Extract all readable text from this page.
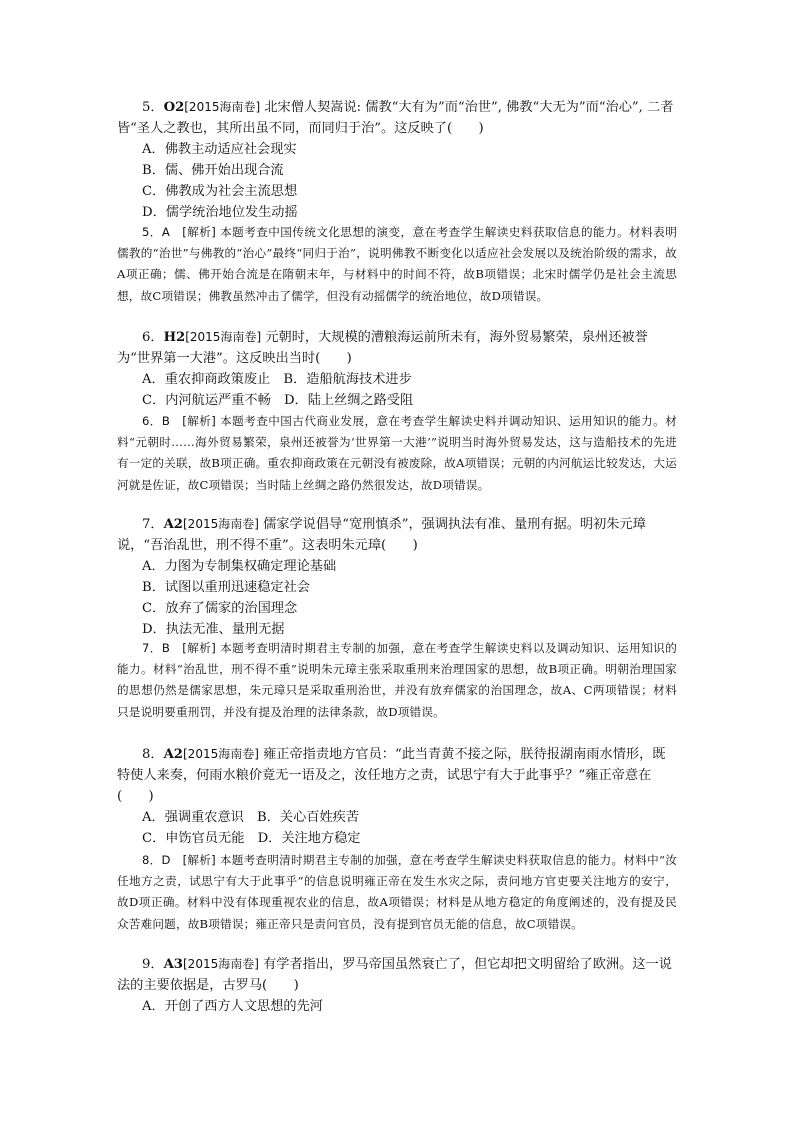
5．O2[2015海南卷] 北宋僧人契嵩说: 儒教“大有为”而“治世”, 佛教“大无为”而“治心”, 二者皆“圣人之教也，其所出虽不同，而同归于治”。这反映了(　　)

A．佛教主动适应社会现实

B．儒、佛开始出现合流

C．佛教成为社会主流思想

D．儒学统治地位发生动摇

5．A　[解析] 本题考查中国传统文化思想的演变，意在考查学生解读史料获取信息的能力。材料表明儒教的“治世”与佛教的“治心”最终“同归于治”，说明佛教不断变化以适应社会发展以及统治阶级的需求，故A项正确；儒、佛开始合流是在隋朝末年，与材料中的时间不符，故B项错误；北宋时儒学仍是社会主流思想，故C项错误；佛教虽然冲击了儒学，但没有动摇儒学的统治地位，故D项错误。

6．H2[2015海南卷] 元朝时，大规模的漕粮海运前所未有，海外贸易繁荣，泉州还被誉为“世界第一大港”。这反映出当时(　　)

A．重农抑商政策废止　B．造船航海技术进步

C．内河航运严重不畅　D．陆上丝绸之路受阻

6．B　[解析] 本题考查中国古代商业发展，意在考查学生解读史料并调动知识、运用知识的能力。材料“元朝时……海外贸易繁荣，泉州还被誉为‘世界第一大港’”说明当时海外贸易发达，这与造船技术的先进有一定的关联，故B项正确。重农抑商政策在元朝没有被废除，故A项错误；元朝的内河航运比较发达，大运河就是佐证，故C项错误；当时陆上丝绸之路仍然很发达，故D项错误。

7．A2[2015海南卷] 儒家学说倡导“宽刑慎杀”，强调执法有准、量刑有据。明初朱元璋说，“吾治乱世，刑不得不重”。这表明朱元璋(　　)

A．力图为专制集权确定理论基础

B．试图以重刑迅速稳定社会

C．放弃了儒家的治国理念

D．执法无准、量刑无据

7．B　[解析] 本题考查明清时期君主专制的加强，意在考查学生解读史料以及调动知识、运用知识的能力。材料“治乱世，刑不得不重”说明朱元璋主张采取重刑来治理国家的思想，故B项正确。明朝治理国家的思想仍然是儒家思想，朱元璋只是采取重刑治世，并没有放弃儒家的治国理念，故A、C两项错误；材料只是说明要重刑罚，并没有提及治理的法律条款，故D项错误。

8．A2[2015海南卷] 雍正帝指责地方官员：“此当青黄不接之际，朕待报湖南雨水情形，既特使人来奏，何雨水粮价竟无一语及之，汝任地方之责，试思宁有大于此事乎？”雍正帝意在(　　)

A．强调重农意识　B．关心百姓疾苦

C．申饬官员无能　D．关注地方稳定

8．D　[解析] 本题考查明清时期君主专制的加强，意在考查学生解读史料获取信息的能力。材料中“汝任地方之责，试思宁有大于此事乎”的信息说明雍正帝在发生水灾之际，责问地方官吏要关注地方的安宁，故D项正确。材料中没有体现重视农业的信息，故A项错误；材料是从地方稳定的角度阐述的，没有提及民众苦难问题，故B项错误；雍正帝只是责问官员，没有提到官员无能的信息，故C项错误。

9．A3[2015海南卷] 有学者指出，罗马帝国虽然衰亡了，但它却把文明留给了欧洲。这一说法的主要依据是，古罗马(　　)

A．开创了西方人文思想的先河
